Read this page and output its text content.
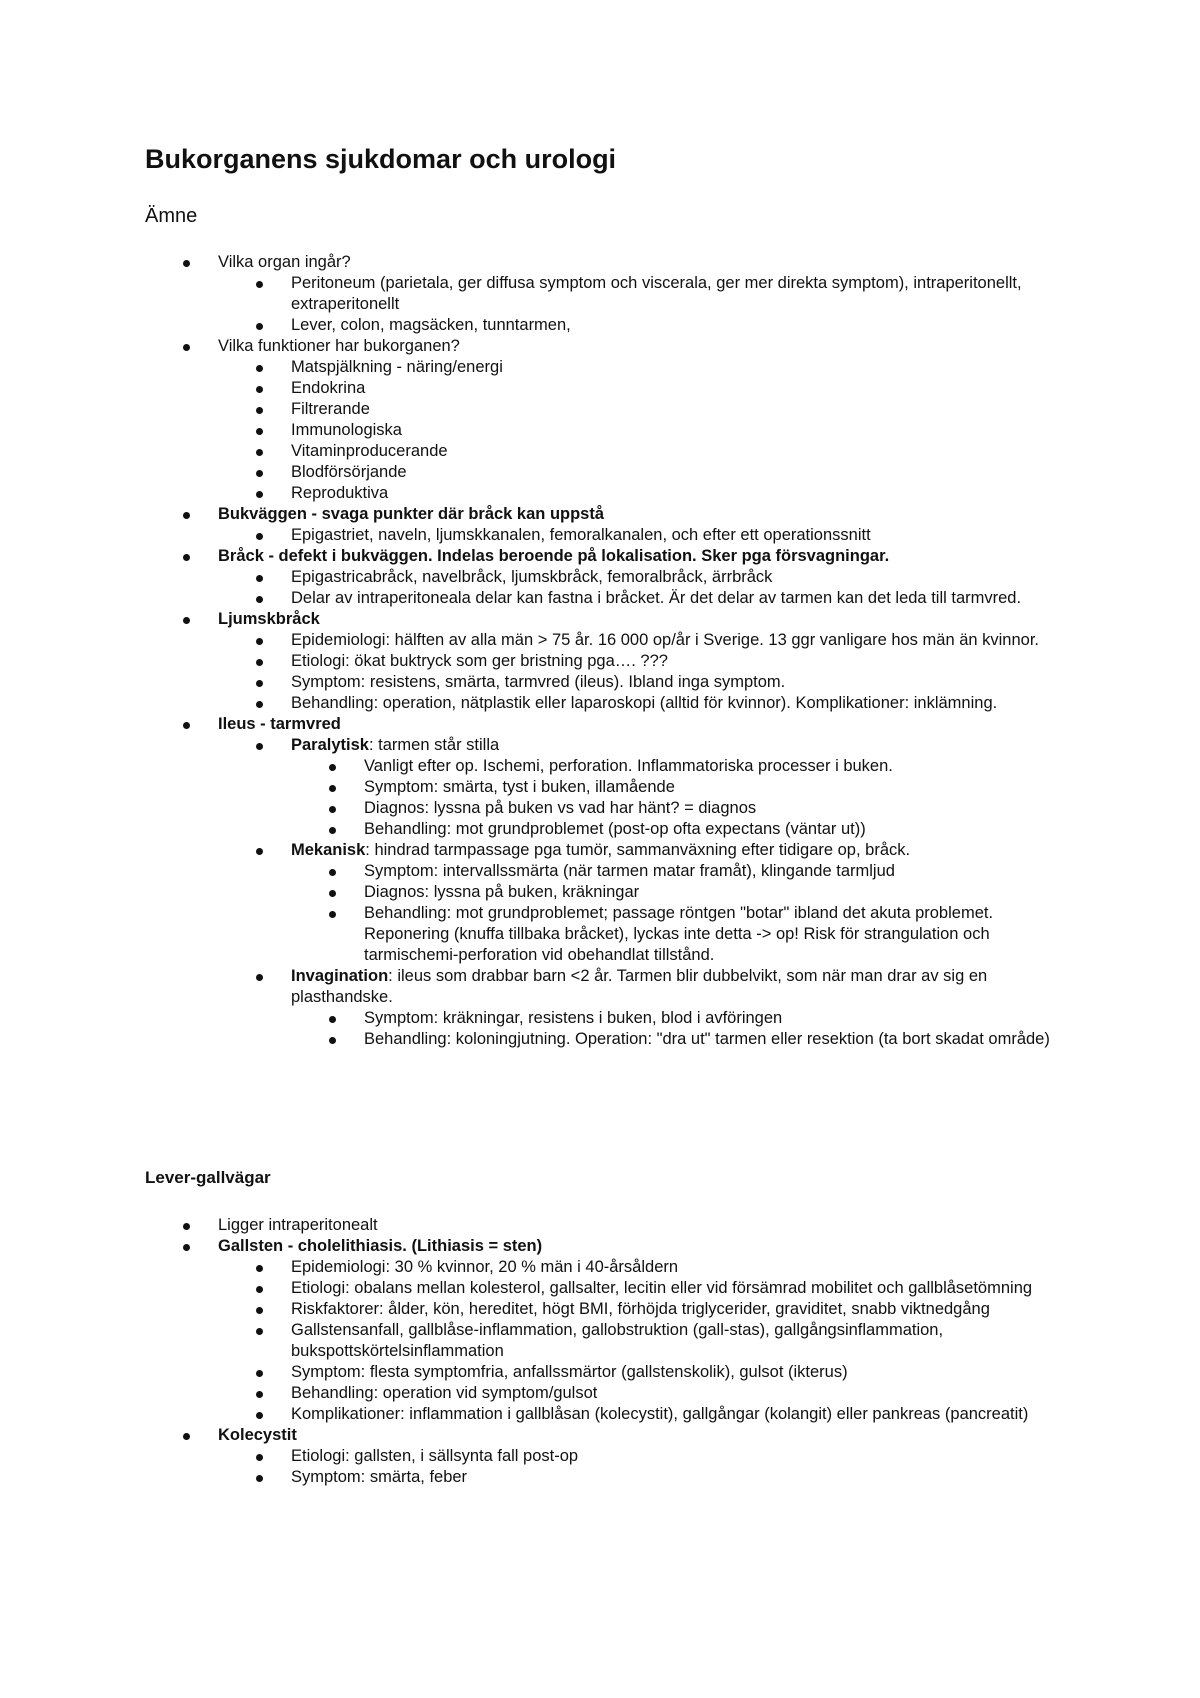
Bukorganens sjukdomar och urologi
Ämne
Vilka organ ingår?
Peritoneum (parietala, ger diffusa symptom och viscerala, ger mer direkta symptom), intraperitonellt, extraperitonellt
Lever, colon, magsäcken, tunntarmen,
Vilka funktioner har bukorganen?
Matspjälkning - näring/energi
Endokrina
Filtrerande
Immunologiska
Vitaminproducerande
Blodförsörjande
Reproduktiva
Bukväggen - svaga punkter där bråck kan uppstå
Epigastriet, naveln, ljumskkanalen, femoralkanalen, och efter ett operationssnitt
Bråck - defekt i bukväggen. Indelas beroende på lokalisation. Sker pga försvagningar.
Epigastricabråck, navelbråck, ljumskbråck, femoralbråck, ärrbråck
Delar av intraperitoneala delar kan fastna i bråcket. Är det delar av tarmen kan det leda till tarmvred.
Ljumskbråck
Epidemiologi: hälften av alla män > 75 år. 16 000 op/år i Sverige. 13 ggr vanligare hos män än kvinnor.
Etiologi: ökat buktryck som ger bristning pga…. ???
Symptom: resistens, smärta, tarmvred (ileus). Ibland inga symptom.
Behandling: operation, nätplastik eller laparoskopi (alltid för kvinnor). Komplikationer: inklämning.
Ileus - tarmvred
Paralytisk: tarmen står stilla
Vanligt efter op. Ischemi, perforation. Inflammatoriska processer i buken.
Symptom: smärta, tyst i buken, illamående
Diagnos: lyssna på buken vs vad har hänt? = diagnos
Behandling: mot grundproblemet (post-op ofta expectans (väntar ut))
Mekanisk: hindrad tarmpassage pga tumör, sammanväxning efter tidigare op, bråck.
Symptom: intervallssmärta (när tarmen matar framåt), klingande tarmljud
Diagnos: lyssna på buken, kräkningar
Behandling: mot grundproblemet; passage röntgen "botar" ibland det akuta problemet. Reponering (knuffa tillbaka bråcket), lyckas inte detta -> op! Risk för strangulation och tarmischemi-perforation vid obehandlat tillstånd.
Invagination: ileus som drabbar barn <2 år. Tarmen blir dubbelvikt, som när man drar av sig en plasthandske.
Symptom: kräkningar, resistens i buken, blod i avföringen
Behandling: koloningjutning. Operation: "dra ut" tarmen eller resektion (ta bort skadat område)
Lever-gallvägar
Ligger intraperitonealt
Gallsten - cholelithiasis. (Lithiasis = sten)
Epidemiologi: 30 % kvinnor, 20 % män i 40-årsåldern
Etiologi: obalans mellan kolesterol, gallsalter, lecitin eller vid försämrad mobilitet och gallblåsetömning
Riskfaktorer: ålder, kön, hereditet, högt BMI, förhöjda triglycerider, graviditet, snabb viktnedgång
Gallstensanfall, gallblåse-inflammation, gallobstruktion (gall-stas), gallgångsinflammation, bukspottskörtelsinflammation
Symptom: flesta symptomfria, anfallssmärtor (gallstenskolik), gulsot (ikterus)
Behandling: operation vid symptom/gulsot
Komplikationer: inflammation i gallblåsan (kolecystit), gallgångar (kolangit) eller pankreas (pancreatit)
Kolecystit
Etiologi: gallsten, i sällsynta fall post-op
Symptom: smärta, feber
